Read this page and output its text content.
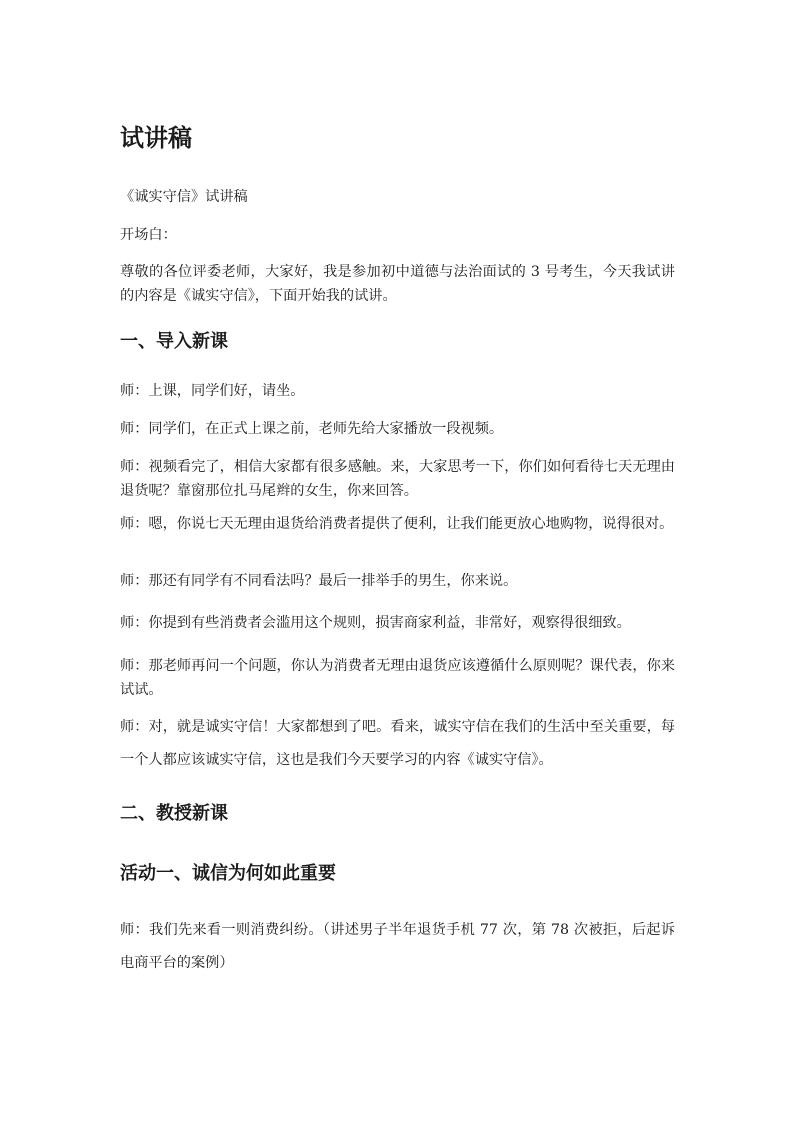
试讲稿

《诚实守信》试讲稿

开场白：

尊敬的各位评委老师，大家好，我是参加初中道德与法治面试的 3 号考生，今天我试讲的内容是《诚实守信》，下面开始我的试讲。

一、导入新课

师：上课，同学们好，请坐。

师：同学们，在正式上课之前，老师先给大家播放一段视频。

师：视频看完了，相信大家都有很多感触。来，大家思考一下，你们如何看待七天无理由退货呢？靠窗那位扎马尾辫的女生，你来回答。

师：嗯，你说七天无理由退货给消费者提供了便利，让我们能更放心地购物，说得很对。

师：那还有同学有不同看法吗？最后一排举手的男生，你来说。

师：你提到有些消费者会滥用这个规则，损害商家利益，非常好，观察得很细致。

师：那老师再问一个问题，你认为消费者无理由退货应该遵循什么原则呢？课代表，你来试试。

师：对，就是诚实守信！大家都想到了吧。看来，诚实守信在我们的生活中至关重要，每一个人都应该诚实守信，这也是我们今天要学习的内容《诚实守信》。

二、教授新课
活动一、诚信为何如此重要

师：我们先来看一则消费纠纷。（讲述男子半年退货手机 77 次，第 78 次被拒，后起诉电商平台的案例）
